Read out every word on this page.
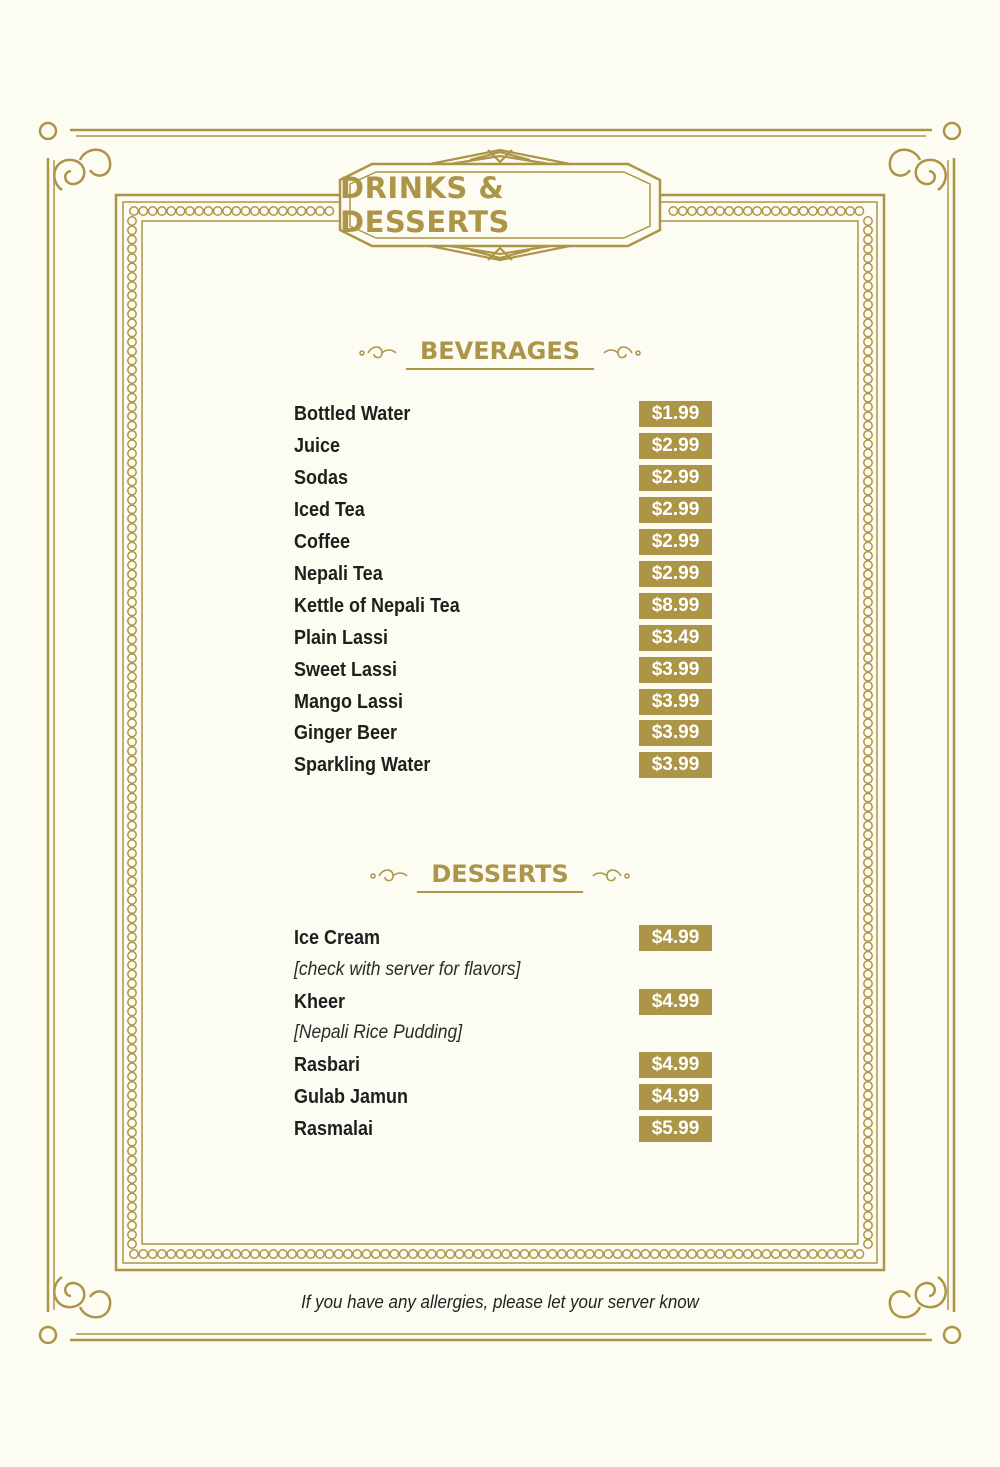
DRINKS & DESSERTS
BEVERAGES
Bottled Water	$1.99
Juice	$2.99
Sodas	$2.99
Iced Tea	$2.99
Coffee	$2.99
Nepali Tea	$2.99
Kettle of Nepali Tea	$8.99
Plain Lassi	$3.49
Sweet Lassi	$3.99
Mango Lassi	$3.99
Ginger Beer	$3.99
Sparkling Water	$3.99
DESSERTS
Ice Cream	$4.99
[check with server for flavors]
Kheer	$4.99
[Nepali Rice Pudding]
Rasbari	$4.99
Gulab Jamun	$4.99
Rasmalai	$5.99
If you have any allergies, please let your server know
